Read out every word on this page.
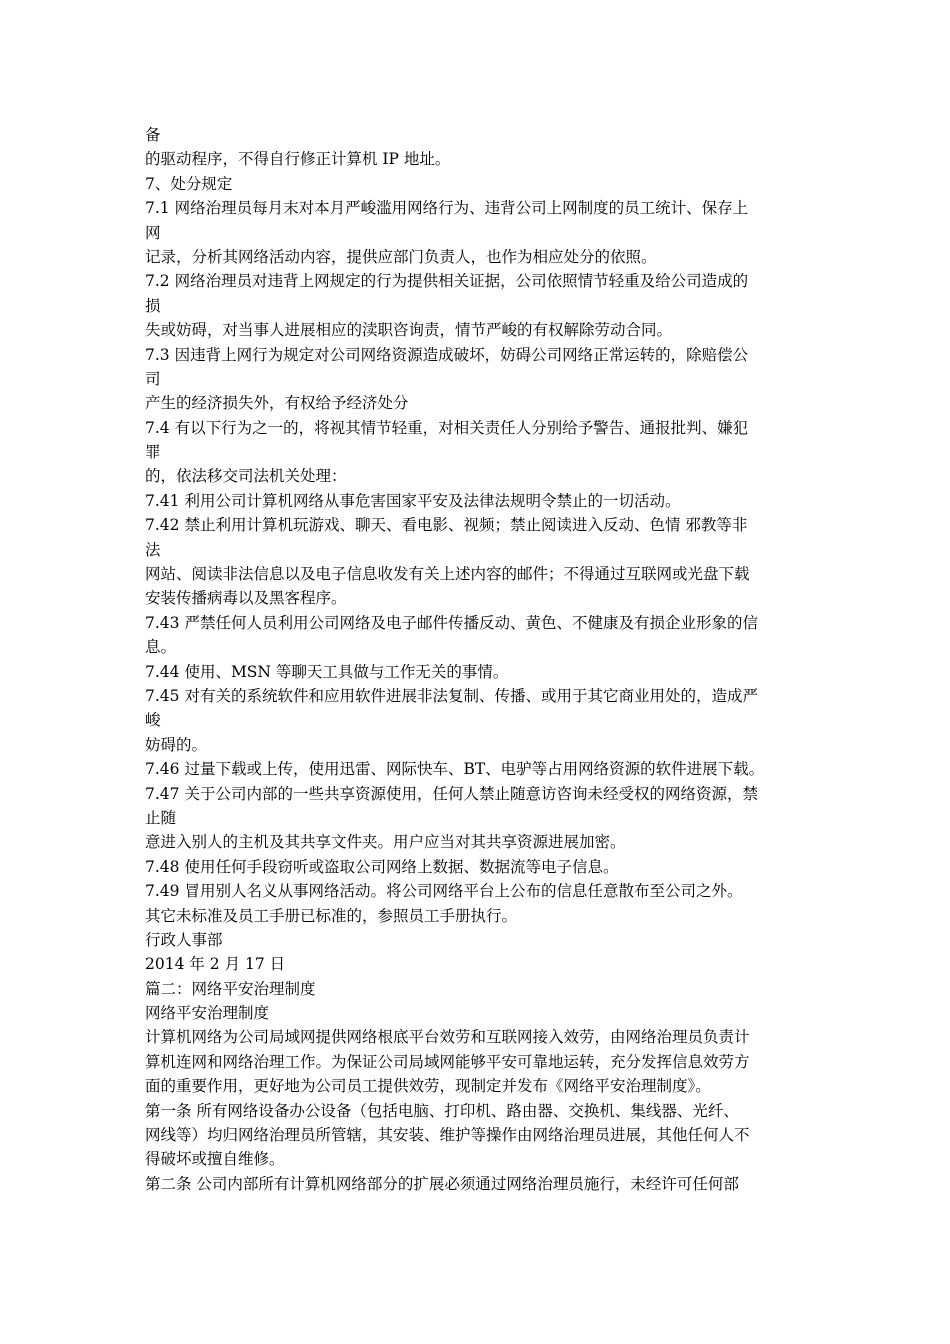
备
的驱动程序，不得自行修正计算机 IP 地址。
7、处分规定
7.1 网络治理员每月末对本月严峻滥用网络行为、违背公司上网制度的员工统计、保存上
网
记录，分析其网络活动内容，提供应部门负责人，也作为相应处分的依照。
7.2 网络治理员对违背上网规定的行为提供相关证据，公司依照情节轻重及给公司造成的
损
失或妨碍，对当事人进展相应的渎职咨询责，情节严峻的有权解除劳动合同。
7.3 因违背上网行为规定对公司网络资源造成破坏，妨碍公司网络正常运转的，除赔偿公
司
产生的经济损失外，有权给予经济处分
7.4 有以下行为之一的，将视其情节轻重，对相关责任人分别给予警告、通报批判、嫌犯
罪
的，依法移交司法机关处理：
7.41 利用公司计算机网络从事危害国家平安及法律法规明令禁止的一切活动。
7.42 禁止利用计算机玩游戏、聊天、看电影、视频；禁止阅读进入反动、色情 邪教等非
法
网站、阅读非法信息以及电子信息收发有关上述内容的邮件；不得通过互联网或光盘下载
安装传播病毒以及黑客程序。
7.43 严禁任何人员利用公司网络及电子邮件传播反动、黄色、不健康及有损企业形象的信
息。
7.44 使用、MSN 等聊天工具做与工作无关的事情。
7.45 对有关的系统软件和应用软件进展非法复制、传播、或用于其它商业用处的，造成严
峻
妨碍的。
7.46 过量下载或上传，使用迅雷、网际快车、BT、电驴等占用网络资源的软件进展下载。
7.47 关于公司内部的一些共享资源使用，任何人禁止随意访咨询未经受权的网络资源，禁
止随
意进入别人的主机及其共享文件夹。用户应当对其共享资源进展加密。
7.48 使用任何手段窃听或盗取公司网络上数据、数据流等电子信息。
7.49 冒用别人名义从事网络活动。将公司网络平台上公布的信息任意散布至公司之外。
其它未标准及员工手册已标准的，参照员工手册执行。
行政人事部
2014 年 2 月 17 日
篇二：网络平安治理制度
网络平安治理制度
计算机网络为公司局域网提供网络根底平台效劳和互联网接入效劳，由网络治理员负责计
算机连网和网络治理工作。为保证公司局域网能够平安可靠地运转，充分发挥信息效劳方
面的重要作用，更好地为公司员工提供效劳，现制定并发布《网络平安治理制度》。
第一条 所有网络设备办公设备（包括电脑、打印机、路由器、交换机、集线器、光纤、
网线等）均归网络治理员所管辖，其安装、维护等操作由网络治理员进展，其他任何人不
得破坏或擅自维修。
第二条 公司内部所有计算机网络部分的扩展必须通过网络治理员施行，未经许可任何部
